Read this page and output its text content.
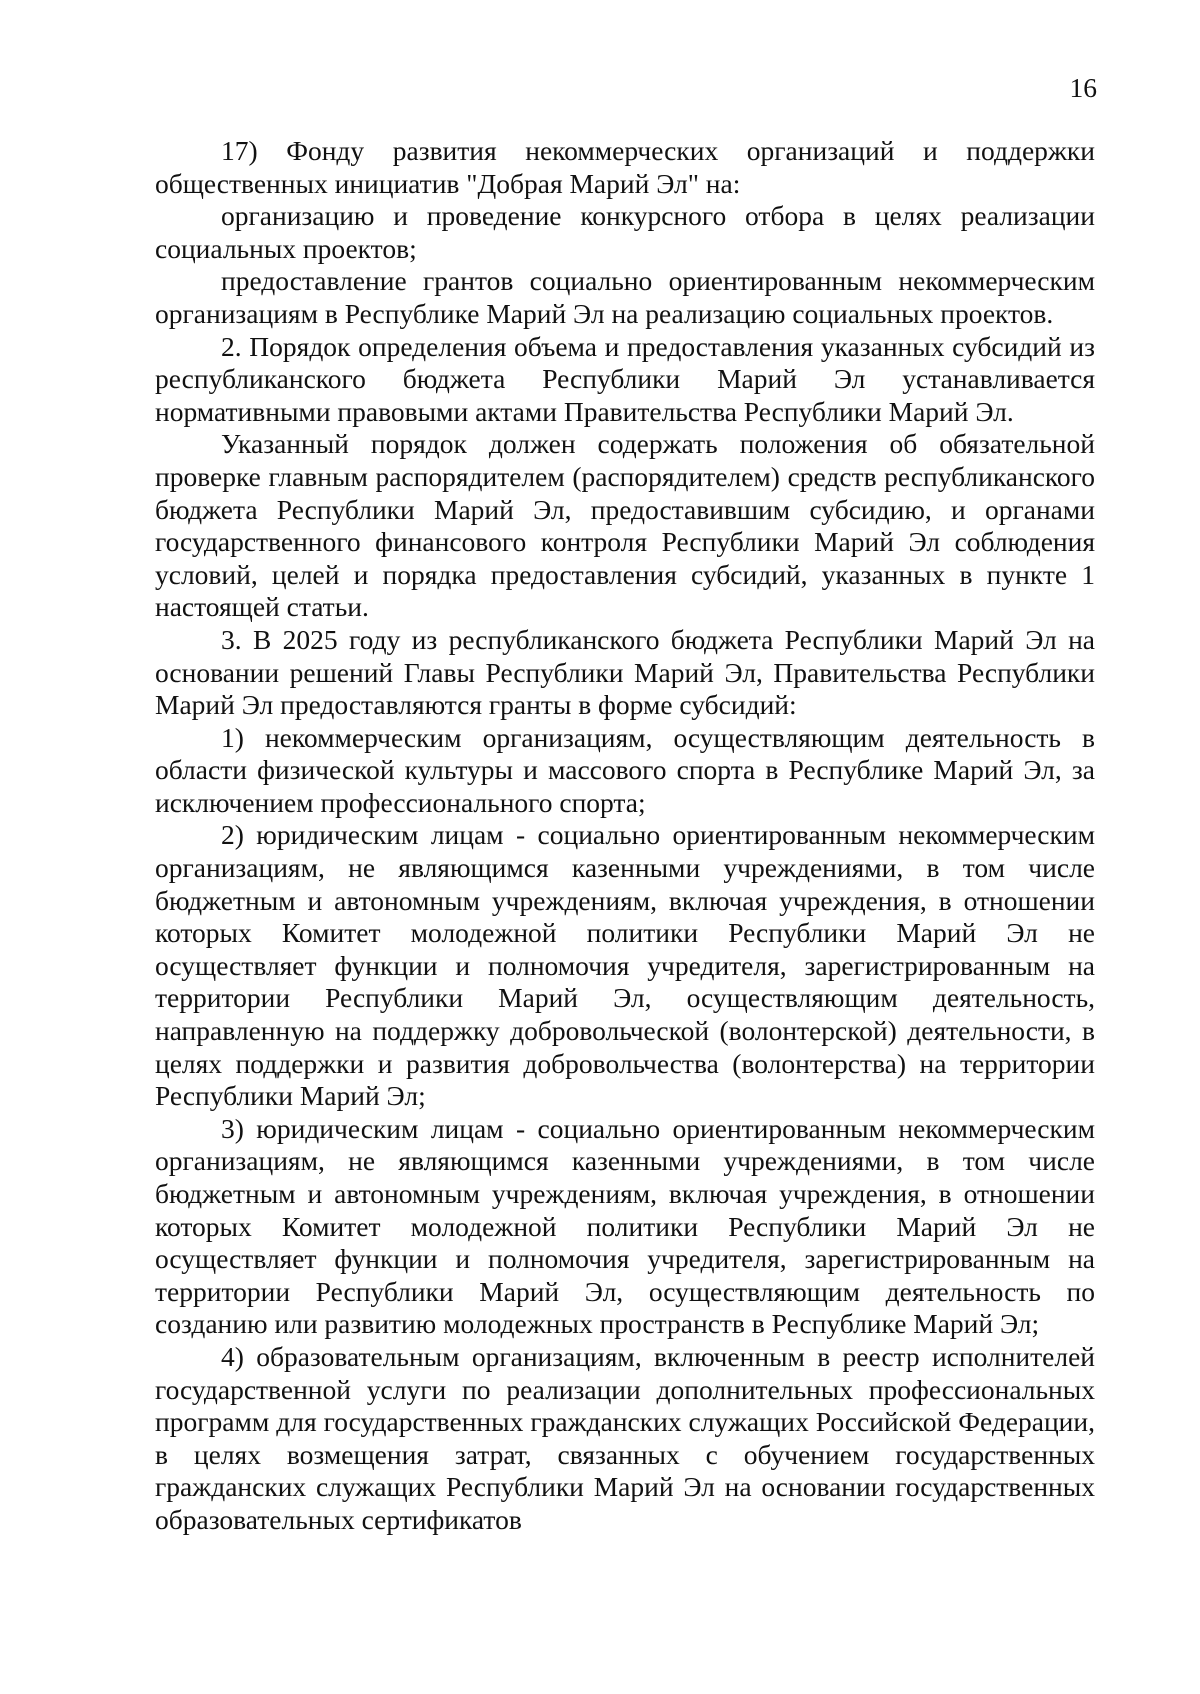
16

17) Фонду развития некоммерческих организаций и поддержки общественных инициатив "Добрая Марий Эл" на:

организацию и проведение конкурсного отбора в целях реализации социальных проектов;

предоставление грантов социально ориентированным некоммерческим организациям в Республике Марий Эл на реализацию социальных проектов.

2. Порядок определения объема и предоставления указанных субсидий из республиканского бюджета Республики Марий Эл устанавливается нормативными правовыми актами Правительства Республики Марий Эл.

Указанный порядок должен содержать положения об обязательной проверке главным распорядителем (распорядителем) средств республиканского бюджета Республики Марий Эл, предоставившим субсидию, и органами государственного финансового контроля Республики Марий Эл соблюдения условий, целей и порядка предоставления субсидий, указанных в пункте 1 настоящей статьи.

3. В 2025 году из республиканского бюджета Республики Марий Эл на основании решений Главы Республики Марий Эл, Правительства Республики Марий Эл предоставляются гранты в форме субсидий:

1) некоммерческим организациям, осуществляющим деятельность в области физической культуры и массового спорта в Республике Марий Эл, за исключением профессионального спорта;

2) юридическим лицам - социально ориентированным некоммерческим организациям, не являющимся казенными учреждениями, в том числе бюджетным и автономным учреждениям, включая учреждения, в отношении которых Комитет молодежной политики Республики Марий Эл не осуществляет функции и полномочия учредителя, зарегистрированным на территории Республики Марий Эл, осуществляющим деятельность, направленную на поддержку добровольческой (волонтерской) деятельности, в целях поддержки и развития добровольчества (волонтерства) на территории Республики Марий Эл;

3) юридическим лицам - социально ориентированным некоммерческим организациям, не являющимся казенными учреждениями, в том числе бюджетным и автономным учреждениям, включая учреждения, в отношении которых Комитет молодежной политики Республики Марий Эл не осуществляет функции и полномочия учредителя, зарегистрированным на территории Республики Марий Эл, осуществляющим деятельность по созданию или развитию молодежных пространств в Республике Марий Эл;

4) образовательным организациям, включенным в реестр исполнителей государственной услуги по реализации дополнительных профессиональных программ для государственных гражданских служащих Российской Федерации, в целях возмещения затрат, связанных с обучением государственных гражданских служащих Республики Марий Эл на основании государственных образовательных сертификатов
